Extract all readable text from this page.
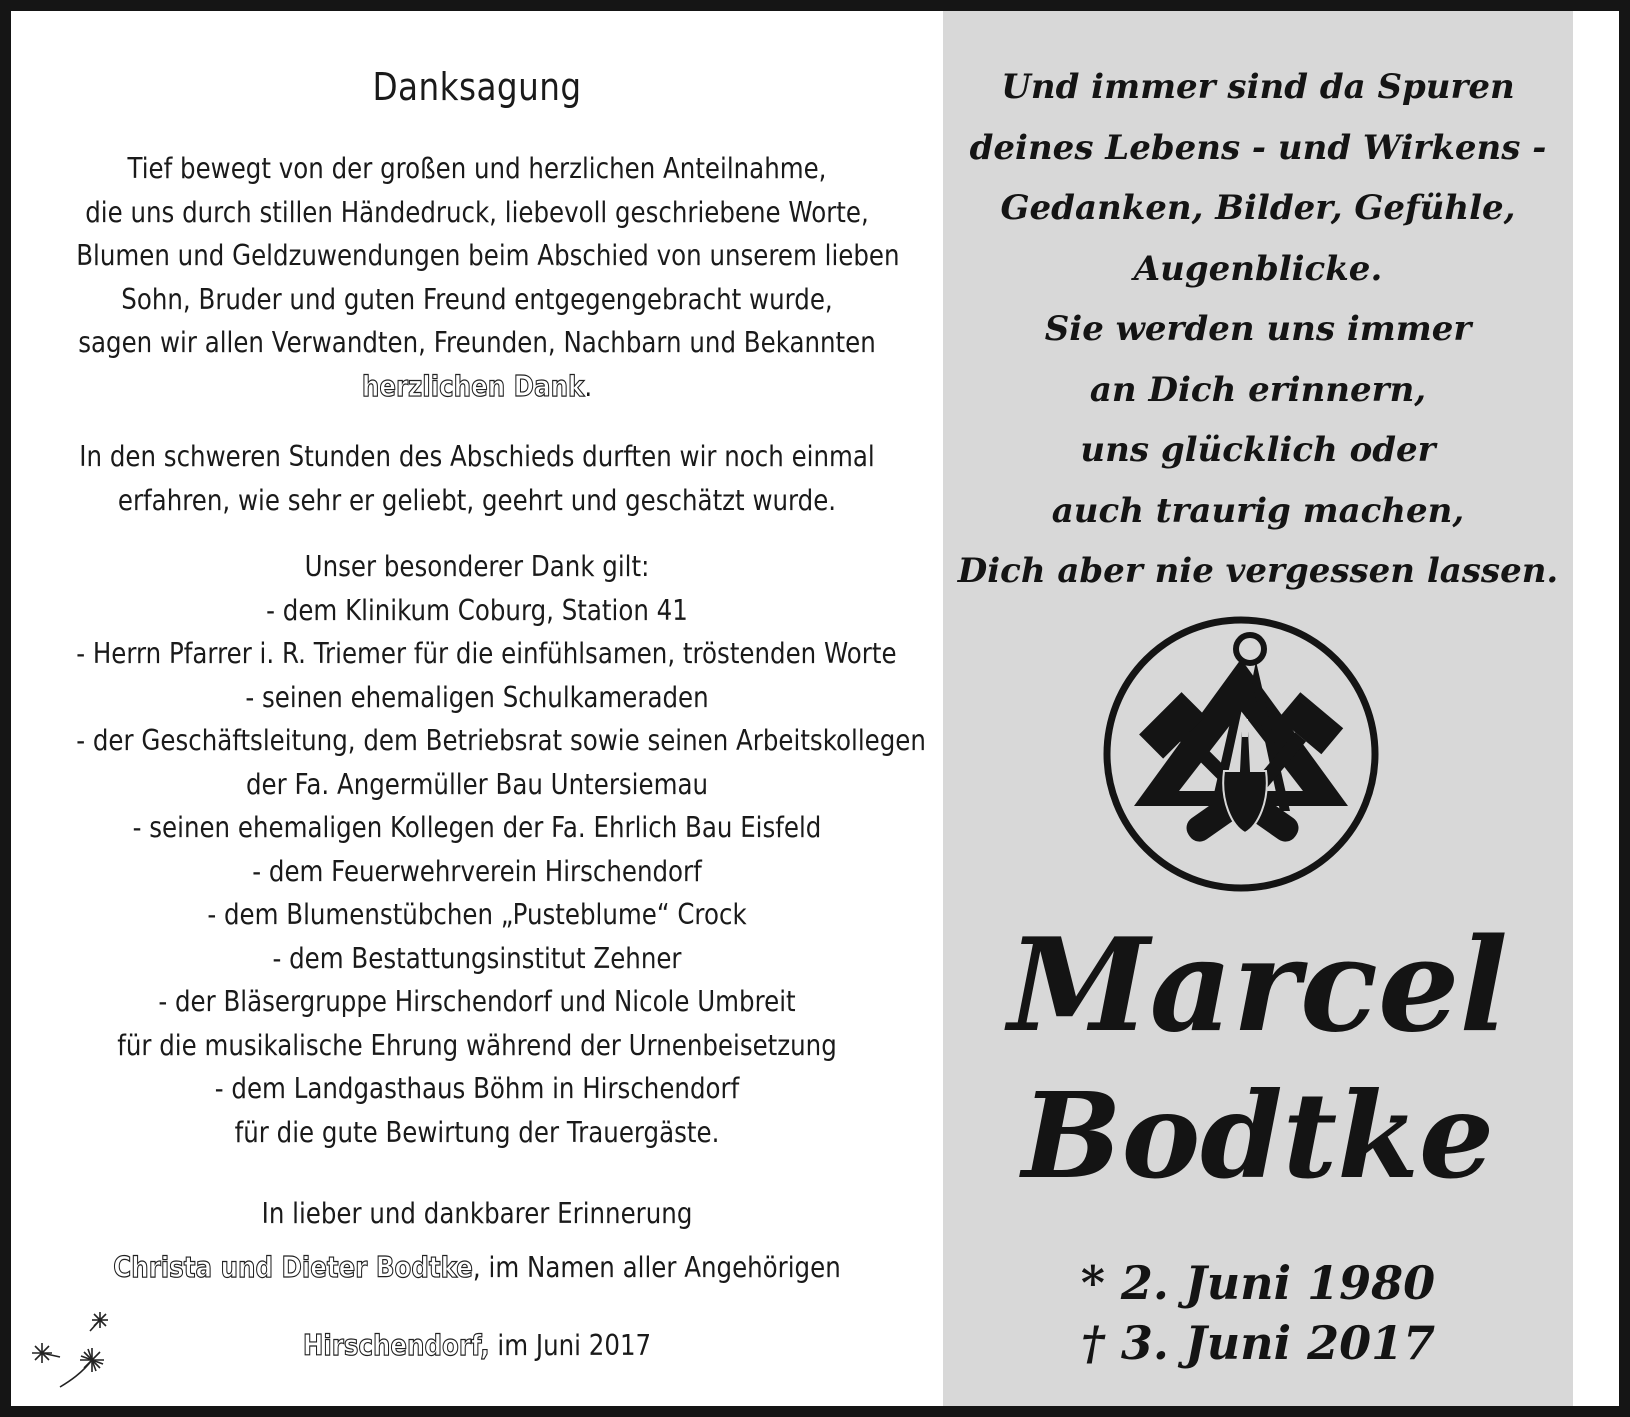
Danksagung
Tief bewegt von der großen und herzlichen Anteilnahme,
die uns durch stillen Händedruck, liebevoll geschriebene Worte,
Blumen und Geldzuwendungen beim Abschied von unserem lieben
Sohn, Bruder und guten Freund entgegengebracht wurde,
sagen wir allen Verwandten, Freunden, Nachbarn und Bekannten
herzlichen Dank.
In den schweren Stunden des Abschieds durften wir noch einmal
erfahren, wie sehr er geliebt, geehrt und geschätzt wurde.
Unser besonderer Dank gilt:
- dem Klinikum Coburg, Station 41
- Herrn Pfarrer i. R. Triemer für die einfühlsamen, tröstenden Worte
- seinen ehemaligen Schulkameraden
- der Geschäftsleitung, dem Betriebsrat sowie seinen Arbeitskollegen
der Fa. Angermüller Bau Untersiemau
- seinen ehemaligen Kollegen der Fa. Ehrlich Bau Eisfeld
- dem Feuerwehrverein Hirschendorf
- dem Blumenstübchen „Pusteblume“ Crock
- dem Bestattungsinstitut Zehner
- der Bläsergruppe Hirschendorf und Nicole Umbreit
für die musikalische Ehrung während der Urnenbeisetzung
- dem Landgasthaus Böhm in Hirschendorf
für die gute Bewirtung der Trauergäste.
In lieber und dankbarer Erinnerung
Christa und Dieter Bodtke, im Namen aller Angehörigen
Hirschendorf, im Juni 2017
Und immer sind da Spuren
deines Lebens - und Wirkens -
Gedanken, Bilder, Gefühle,
Augenblicke.
Sie werden uns immer
an Dich erinnern,
uns glücklich oder
auch traurig machen,
Dich aber nie vergessen lassen.
Marcel
Bodtke
* 2. Juni 1980
† 3. Juni 2017
